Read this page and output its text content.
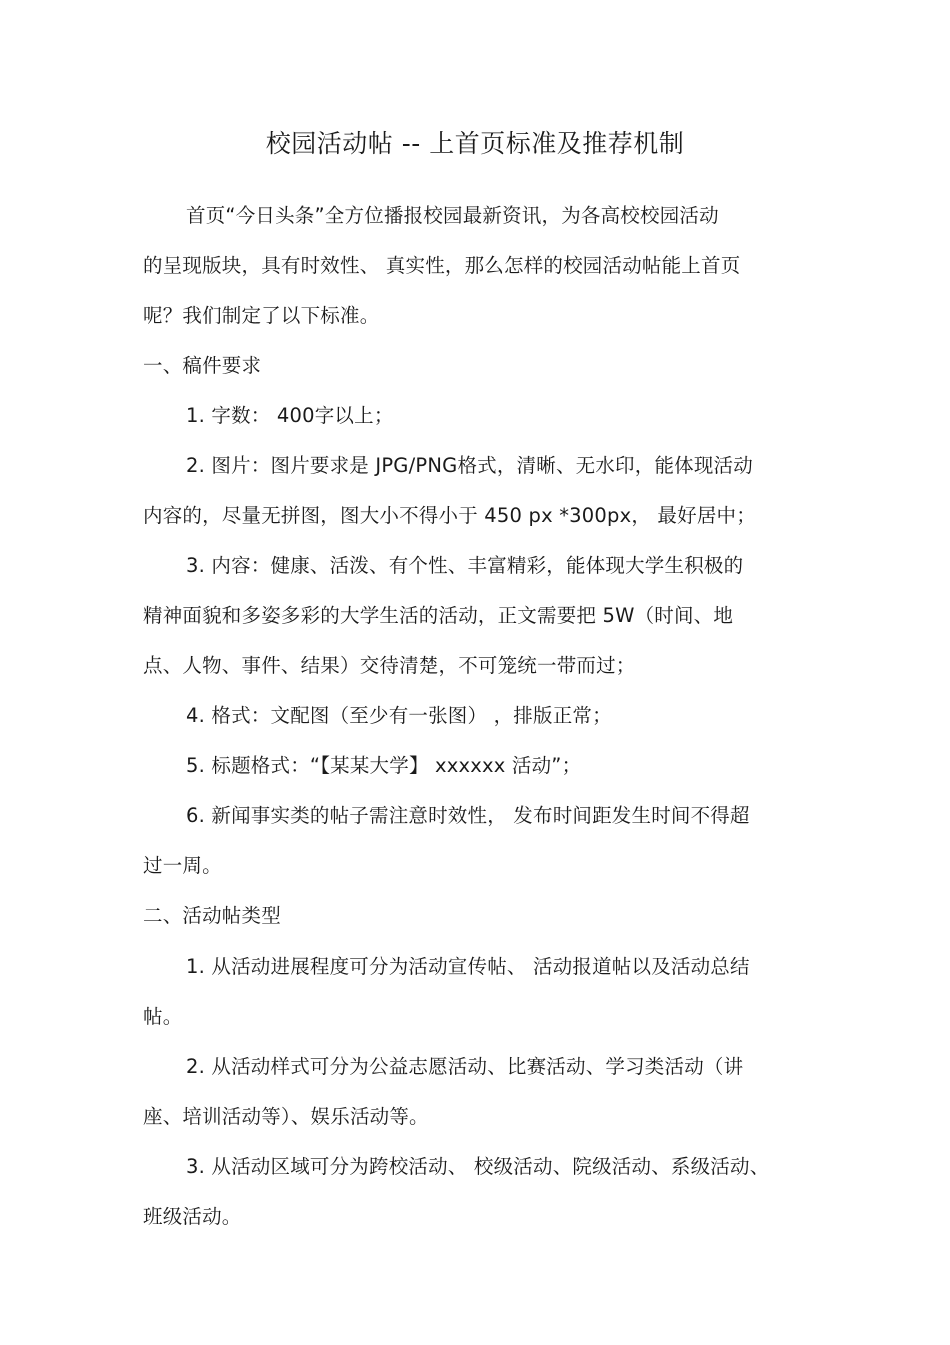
校园活动帖 -- 上首页标准及推荐机制
首页“今日头条”全方位播报校园最新资讯，为各高校校园活动
的呈现版块，具有时效性、 真实性，那么怎样的校园活动帖能上首页
呢？我们制定了以下标准。
一、稿件要求
1. 字数： 400字以上；
2. 图片：图片要求是 JPG/PNG格式，清晰、无水印，能体现活动
内容的，尽量无拼图，图大小不得小于 450 px *300px， 最好居中；
3. 内容：健康、活泼、有个性、丰富精彩，能体现大学生积极的
精神面貌和多姿多彩的大学生活的活动，正文需要把 5W（时间、地
点、人物、事件、结果）交待清楚，不可笼统一带而过；
4. 格式：文配图（至少有一张图） ，排版正常；
5. 标题格式：“【某某大学】 xxxxxx 活动”；
6. 新闻事实类的帖子需注意时效性， 发布时间距发生时间不得超
过一周。
二、活动帖类型
1. 从活动进展程度可分为活动宣传帖、 活动报道帖以及活动总结
帖。
2. 从活动样式可分为公益志愿活动、比赛活动、学习类活动（讲
座、培训活动等）、娱乐活动等。
3. 从活动区域可分为跨校活动、 校级活动、院级活动、系级活动、
班级活动。
